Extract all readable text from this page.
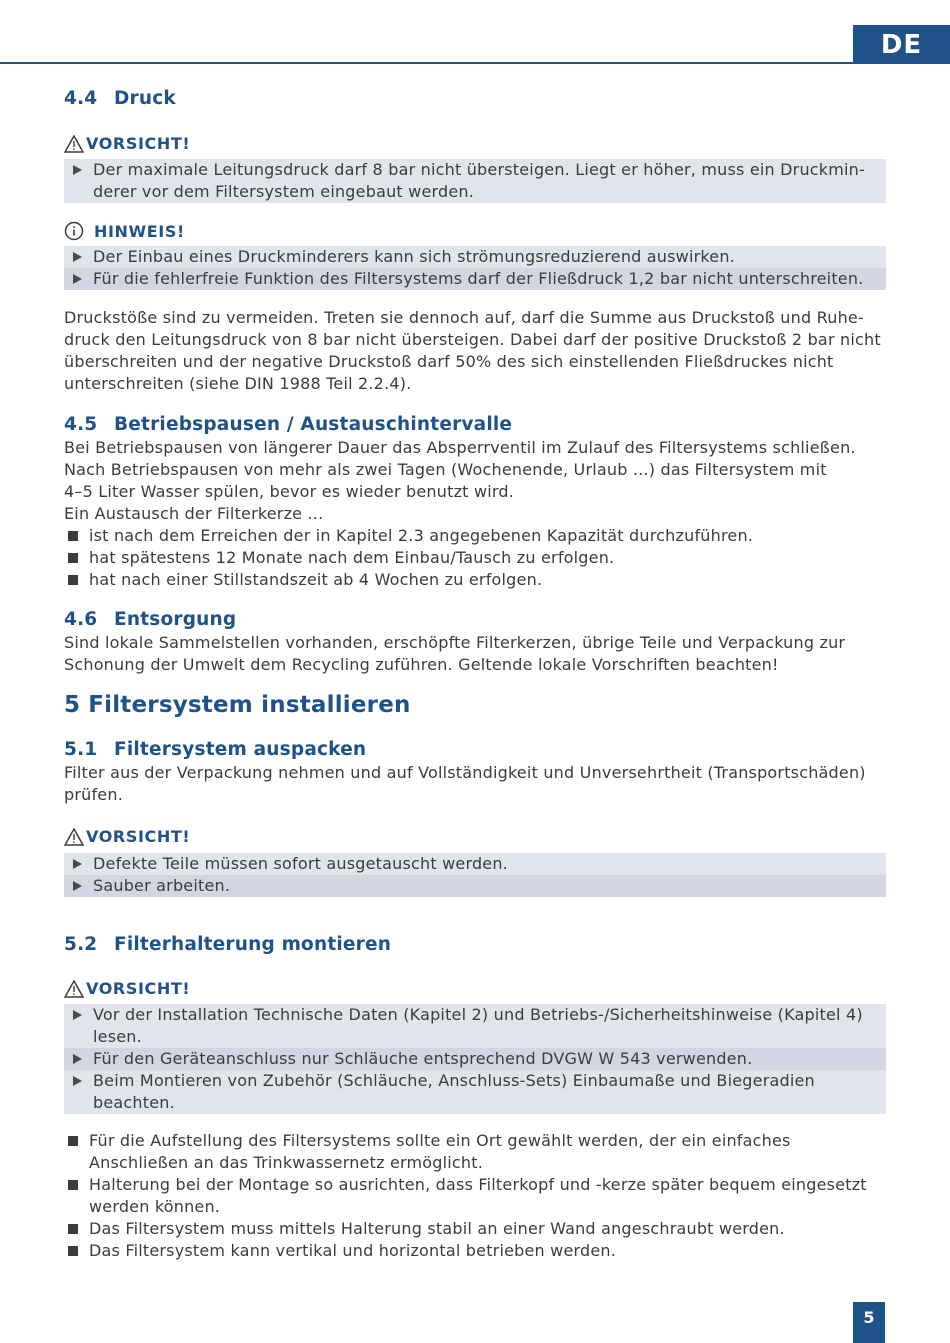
DE
4.4 Druck
VORSICHT!
Der maximale Leitungsdruck darf 8 bar nicht übersteigen. Liegt er höher, muss ein Druckmin-derer vor dem Filtersystem eingebaut werden.
HINWEIS!
Der Einbau eines Druckminderers kann sich strömungsreduzierend auswirken.
Für die fehlerfreie Funktion des Filtersystems darf der Fließdruck 1,2 bar nicht unterschreiten.

Druckstöße sind zu vermeiden. Treten sie dennoch auf, darf die Summe aus Druckstoß und Ruhe-druck den Leitungsdruck von 8 bar nicht übersteigen. Dabei darf der positive Druckstoß 2 bar nicht überschreiten und der negative Druckstoß darf 50% des sich einstellenden Fließdruckes nicht unterschreiten (siehe DIN 1988 Teil 2.2.4).

4.5 Betriebspausen / Austauschintervalle

Bei Betriebspausen von längerer Dauer das Absperrventil im Zulauf des Filtersystems schließen.

Nach Betriebspausen von mehr als zwei Tagen (Wochenende, Urlaub ...) das Filtersystem mit

4–5 Liter Wasser spülen, bevor es wieder benutzt wird.

Ein Austausch der Filterkerze ...

ist nach dem Erreichen der in Kapitel 2.3 angegebenen Kapazität durchzuführen.
hat spätestens 12 Monate nach dem Einbau/Tausch zu erfolgen.
hat nach einer Stillstandszeit ab 4 Wochen zu erfolgen.
4.6 Entsorgung

Sind lokale Sammelstellen vorhanden, erschöpfte Filterkerzen, übrige Teile und Verpackung zur Schonung der Umwelt dem Recycling zuführen. Geltende lokale Vorschriften beachten!

5 Filtersystem installieren
5.1 Filtersystem auspacken

Filter aus der Verpackung nehmen und auf Vollständigkeit und Unversehrtheit (Transportschäden) prüfen.

VORSICHT!
Defekte Teile müssen sofort ausgetauscht werden.
Sauber arbeiten.
5.2 Filterhalterung montieren
VORSICHT!
Vor der Installation Technische Daten (Kapitel 2) und Betriebs-/Sicherheitshinweise (Kapitel 4) lesen.
Für den Geräteanschluss nur Schläuche entsprechend DVGW W 543 verwenden.
Beim Montieren von Zubehör (Schläuche, Anschluss-Sets) Einbaumaße und Biegeradien beachten.
Für die Aufstellung des Filtersystems sollte ein Ort gewählt werden, der ein einfaches Anschließen an das Trinkwassernetz ermöglicht.
Halterung bei der Montage so ausrichten, dass Filterkopf und -kerze später bequem eingesetzt werden können.
Das Filtersystem muss mittels Halterung stabil an einer Wand angeschraubt werden.
Das Filtersystem kann vertikal und horizontal betrieben werden.
5
